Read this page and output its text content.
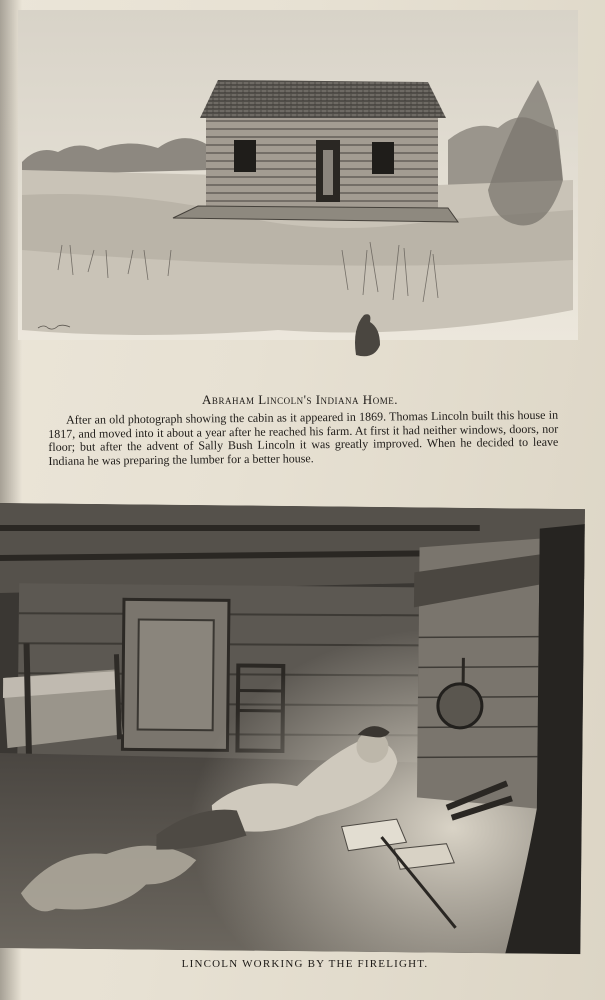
Abraham Lincoln's Indiana Home.
After an old photograph showing the cabin as it appeared in 1869. Thomas Lincoln built this house in 1817, and moved into it about a year after he reached his farm. At first it had neither windows, doors, nor floor; but after the advent of Sally Bush Lincoln it was greatly improved. When he decided to leave Indiana he was preparing the lumber for a better house.
LINCOLN WORKING BY THE FIRELIGHT.
